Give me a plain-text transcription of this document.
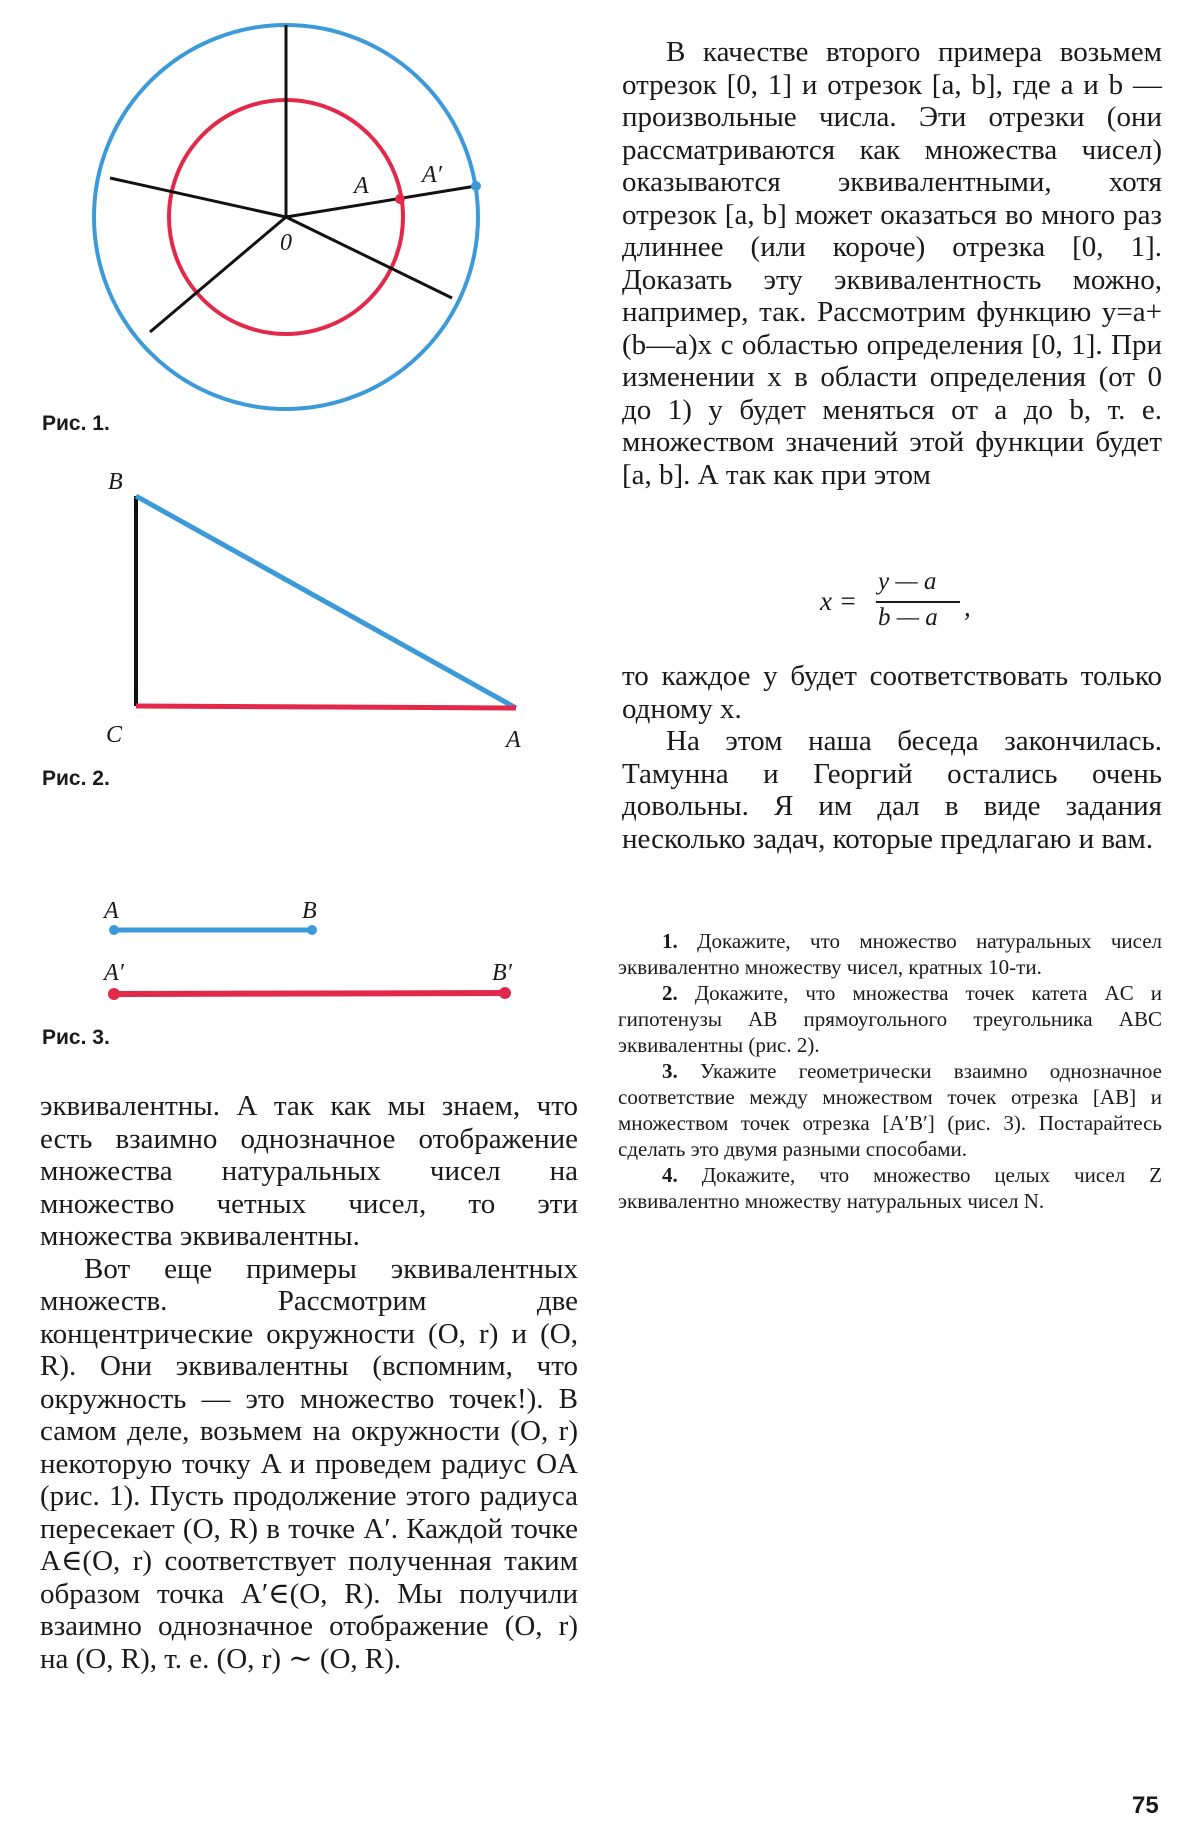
0
A A′
Рис. 1.
B
C	A
Рис. 2.
A	B
A′	B′
Рис. 3.

эквивалентны. А так как мы знаем, что есть взаимно однозначное отображение множества натуральных чисел на множество четных чисел, то эти множества эквивалентны.

Вот еще примеры эквивалентных множеств. Рассмотрим две концентрические окружности (O, r) и (O, R). Они эквивалентны (вспомним, что окружность — это множество точек!). В самом деле, возьмем на окружности (O, r) некоторую точку A и проведем радиус OA (рис. 1). Пусть продолжение этого радиуса пересекает (O, R) в точке A′. Каждой точке A∈(O, r) соответствует полученная таким образом точка A′∈(O, R). Мы получили взаимно однозначное отображение (O, r) на (O, R), т. е. (O, r) ∼ (O, R).

В качестве второго примера возьмем отрезок [0, 1] и отрезок [a, b], где a и b — произвольные числа. Эти отрезки (они рассматриваются как множества чисел) оказываются эквивалентными, хотя отрезок [a, b] может оказаться во много раз длиннее (или короче) отрезка [0, 1]. Доказать эту эквивалентность можно, например, так. Рассмотрим функцию y=a+(b—a)x с областью определения [0, 1]. При изменении x в области определения (от 0 до 1) y будет меняться от a до b, т. е. множеством значений этой функции будет [a, b]. А так как при этом

x =
y — a
b — a ,

то каждое y будет соответствовать только одному x.

На этом наша беседа закончилась. Тамунна и Георгий остались очень довольны. Я им дал в виде задания несколько задач, которые предлагаю и вам.

1. Докажите, что множество натуральных чисел эквивалентно множеству чисел, кратных 10-ти.

2. Докажите, что множества точек катета AC и гипотенузы AB прямоугольного треугольника ABC эквивалентны (рис. 2).

3. Укажите геометрически взаимно однозначное соответствие между множеством точек отрезка [AB] и множеством точек отрезка [A′B′] (рис. 3). Постарайтесь сделать это двумя разными способами.

4. Докажите, что множество целых чисел Z эквивалентно множеству натуральных чисел N.

75
